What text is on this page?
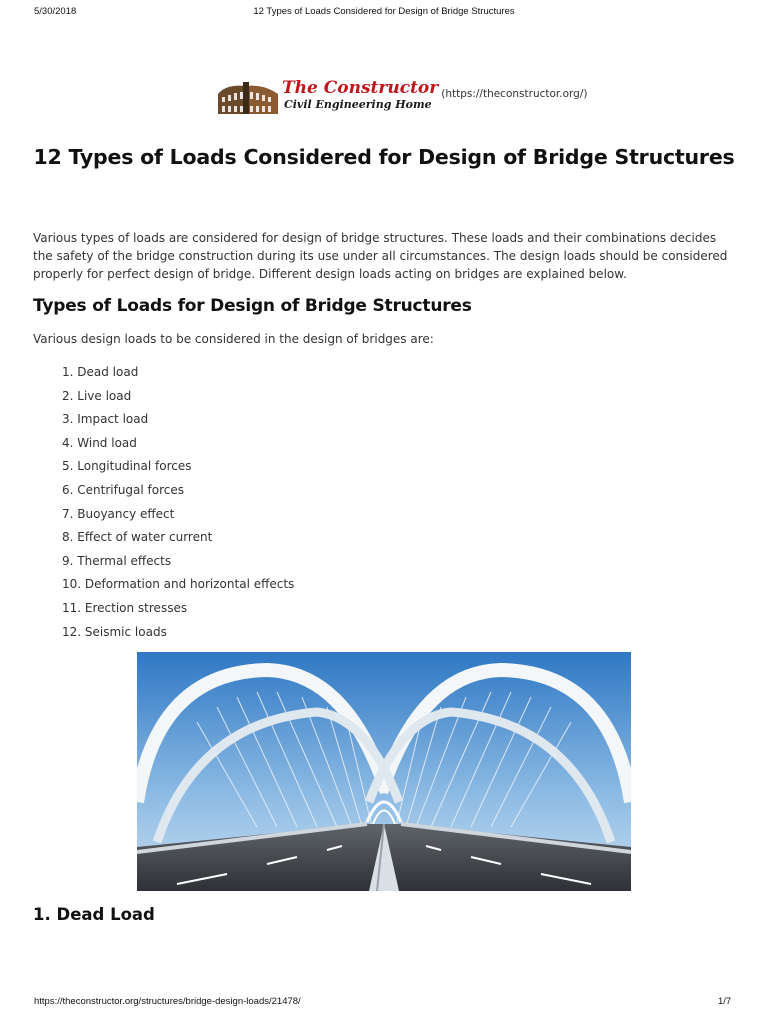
5/30/2018	12 Types of Loads Considered for Design of Bridge Structures
The Constructor
Civil Engineering Home
(https://theconstructor.org/)
12 Types of Loads Considered for Design of Bridge Structures

Various types of loads are considered for design of bridge structures. These loads and their combinations decides the safety of the bridge construction during its use under all circumstances. The design loads should be considered properly for perfect design of bridge. Different design loads acting on bridges are explained below.

Types of Loads for Design of Bridge Structures

Various design loads to be considered in the design of bridges are:

1. Dead load
2. Live load
3. Impact load
4. Wind load
5. Longitudinal forces
6. Centrifugal forces
7. Buoyancy effect
8. Effect of water current
9. Thermal effects
10. Deformation and horizontal effects
11. Erection stresses
12. Seismic loads
1. Dead Load
https://theconstructor.org/structures/bridge-design-loads/21478/	1/7
